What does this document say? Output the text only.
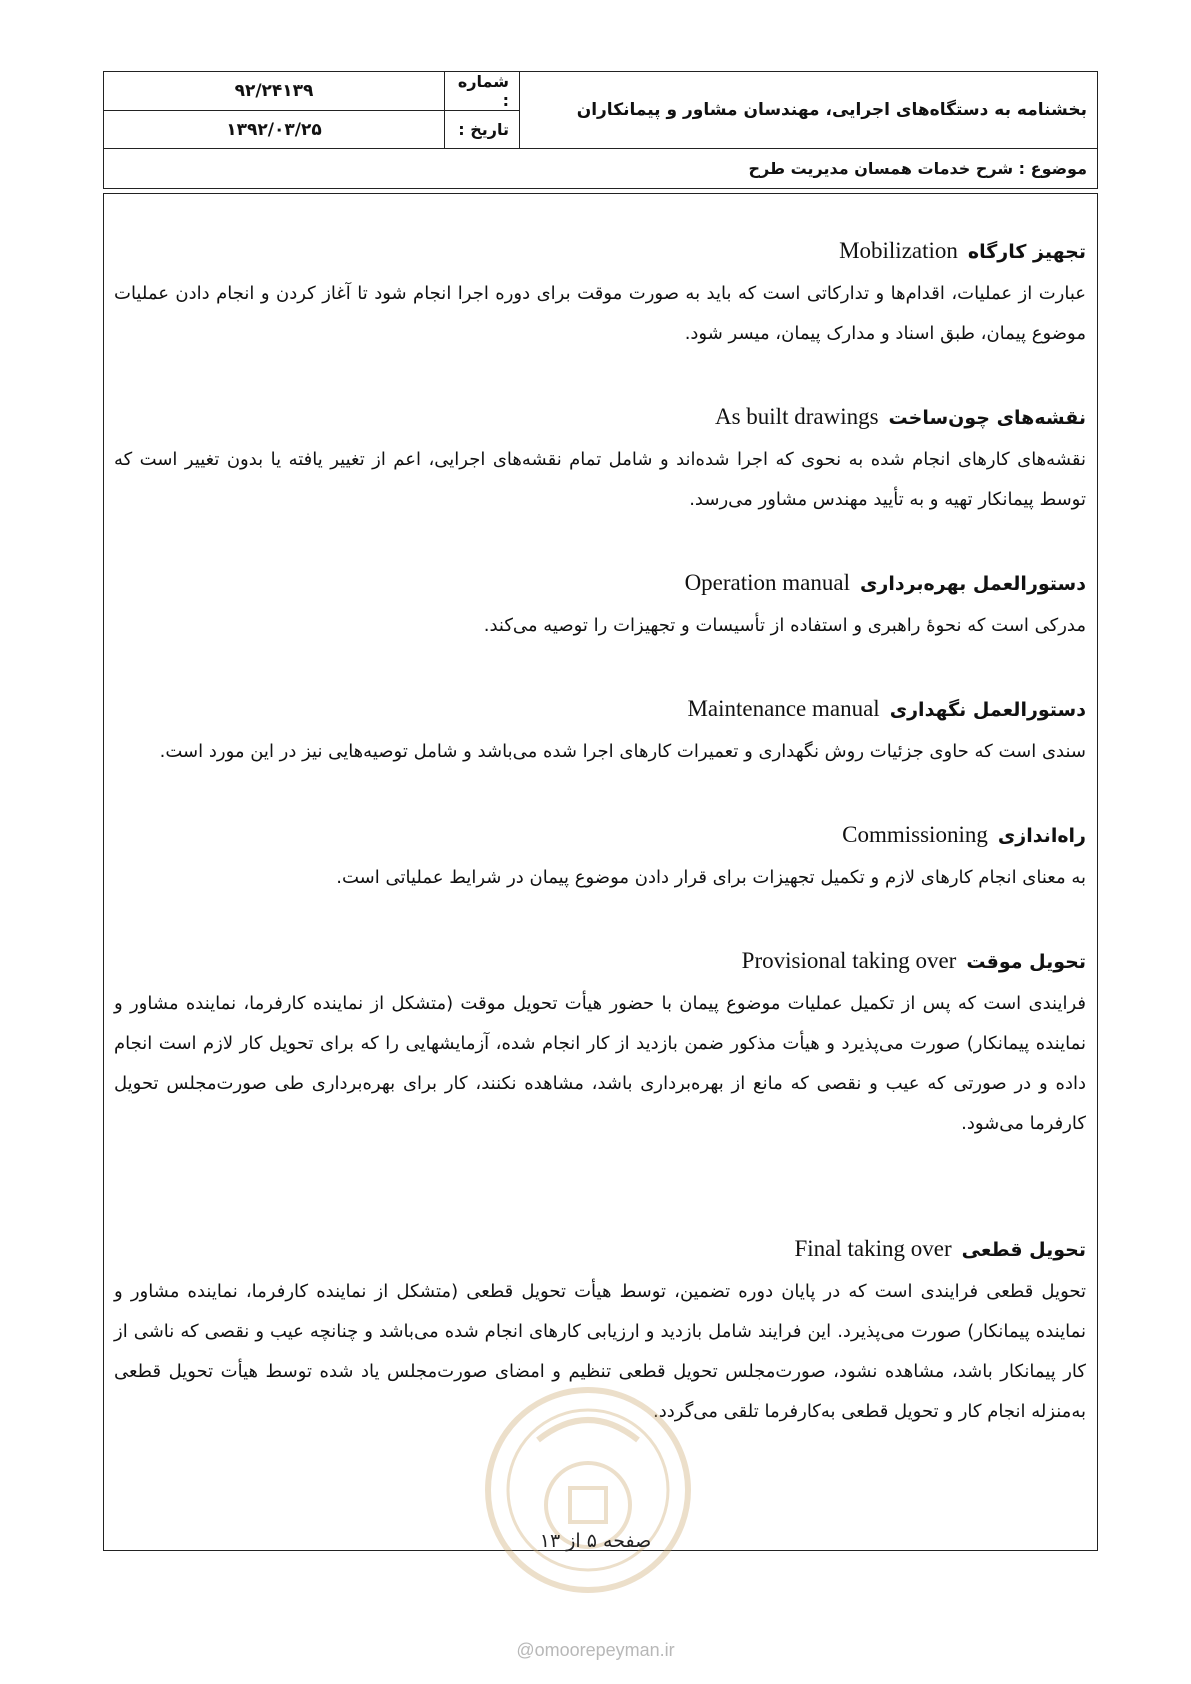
بخشنامه به دستگاه‌های اجرایی، مهندسان مشاور و پیمانکاران	شماره :	۹۲/۲۴۱۳۹
	تاریخ :	۱۳۹۲/۰۳/۲۵
موضوع : شرح خدمات همسان مدیریت طرح		
تجهیز کارگاهMobilization

عبارت از عملیات، اقدام‌ها و تدارکاتی است که باید به صورت موقت برای دوره اجرا انجام شود تا آغاز کردن و انجام دادن عملیات موضوع پیمان، طبق اسناد و مدارک پیمان، میسر شود.

نقشه‌های چون‌ساختAs built drawings

نقشه‌های کارهای انجام شده به نحوی که اجرا شده‌اند و شامل تمام نقشه‌های اجرایی، اعم از تغییر یافته یا بدون تغییر است که توسط پیمانکار تهیه و به تأیید مهندس مشاور می‌رسد.

دستورالعمل بهره‌برداریOperation manual

مدرکی است که نحوهٔ راهبری و استفاده از تأسیسات و تجهیزات را توصیه می‌کند.

دستورالعمل نگهداریMaintenance manual

سندی است که حاوی جزئیات روش نگهداری و تعمیرات کارهای اجرا شده می‌باشد و شامل توصیه‌هایی نیز در این مورد است.

راه‌اندازیCommissioning

به معنای انجام کارهای لازم و تکمیل تجهیزات برای قرار دادن موضوع پیمان در شرایط عملیاتی است.

تحویل موقتProvisional taking over

فرایندی است که پس از تکمیل عملیات موضوع پیمان با حضور هیأت تحویل موقت (متشکل از نماینده کارفرما، نماینده مشاور و نماینده پیمانکار) صورت می‌پذیرد و هیأت مذکور ضمن بازدید از کار انجام شده، آزمایشهایی را که برای تحویل کار لازم است انجام داده و در صورتی که عیب و نقصی که مانع از بهره‌برداری باشد، مشاهده نکنند، کار برای بهره‌برداری طی صورت‌مجلس تحویل کارفرما می‌شود.

تحویل قطعیFinal taking over

تحویل قطعی فرایندی است که در پایان دوره تضمین، توسط هیأت تحویل قطعی (متشکل از نماینده کارفرما، نماینده مشاور و نماینده پیمانکار) صورت می‌پذیرد. این فرایند شامل بازدید و ارزیابی کارهای انجام شده می‌باشد و چنانچه عیب و نقصی که ناشی از کار پیمانکار باشد، مشاهده نشود، صورت‌مجلس تحویل قطعی تنظیم و امضای صورت‌مجلس یاد شده توسط هیأت تحویل قطعی به‌منزله انجام کار و تحویل قطعی به‌کارفرما تلقی می‌گردد.

صفحه ۵ از ۱۳
@omoorepeyman.ir
